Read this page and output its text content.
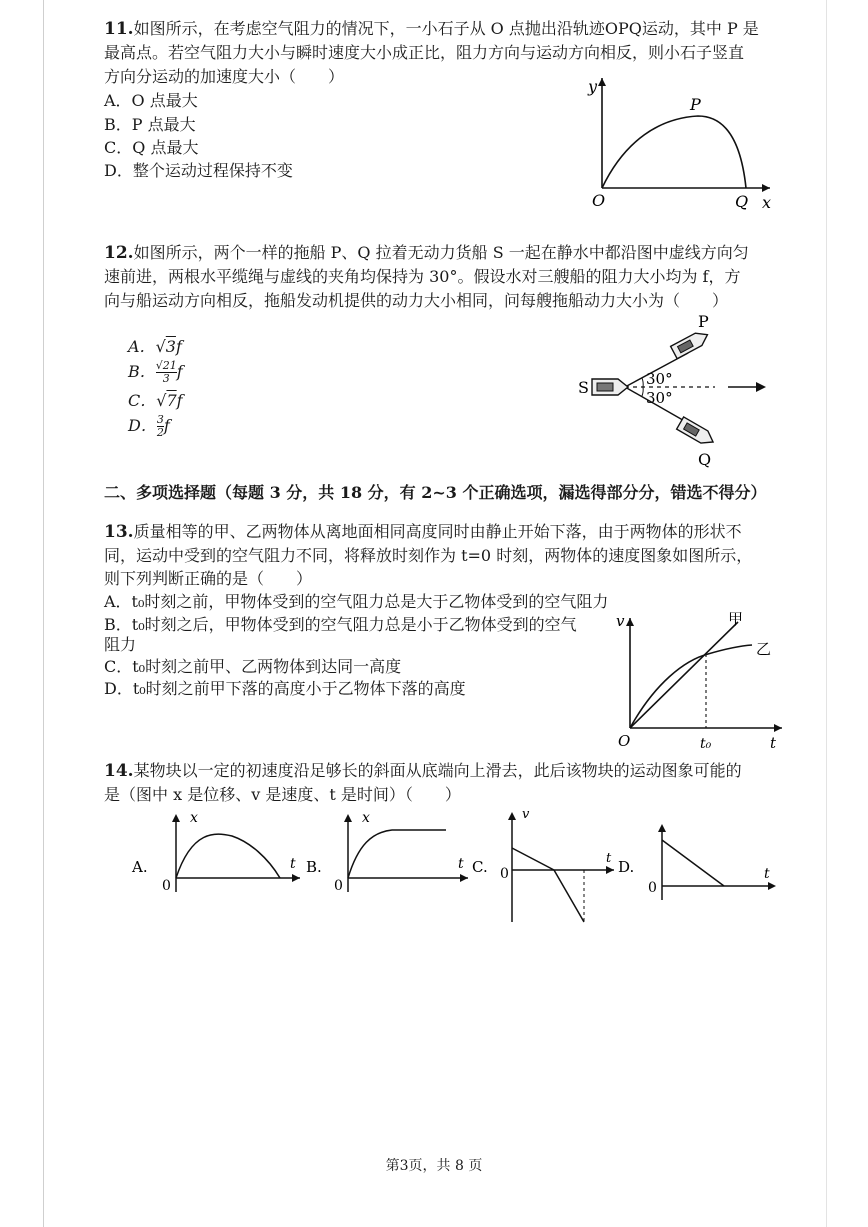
11.如图所示，在考虑空气阻力的情况下，一小石子从 O 点抛出沿轨迹OPQ运动，其中 P 是
最高点。若空气阻力大小与瞬时速度大小成正比，阻力方向与运动方向相反，则小石子竖直
方向分运动的加速度大小（　　）
A．O 点最大
B．P 点最大
C．Q 点最大
D．整个运动过程保持不变
y
P
O	Q x
12.如图所示，两个一样的拖船 P、Q 拉着无动力货船 S 一起在静水中都沿图中虚线方向匀
速前进，两根水平缆绳与虚线的夹角均保持为 30°。假设水对三艘船的阻力大小均为 f，方
向与船运动方向相反，拖船发动机提供的动力大小相同，问每艘拖船动力大小为（　　）
A．√3f
B． $\frac{√21}{3}$ f
C．√7f
D． $\frac{3}{2}$ f
P
S
Q
30°
30°
二、多项选择题（每题 3 分，共 18 分，有 2~3 个正确选项，漏选得部分分，错选不得分）
13.质量相等的甲、乙两物体从离地面相同高度同时由静止开始下落，由于两物体的形状不
同，运动中受到的空气阻力不同，将释放时刻作为 t=0 时刻，两物体的速度图象如图所示，
则下列判断正确的是（　　）
A．t₀时刻之前，甲物体受到的空气阻力总是大于乙物体受到的空气阻力
B．t₀时刻之后，甲物体受到的空气阻力总是小于乙物体受到的空气
阻力
C．t₀时刻之前甲、乙两物体到达同一高度
D．t₀时刻之前甲下落的高度小于乙物体下落的高度
v	甲
乙
O	t₀	t
14.某物块以一定的初速度沿足够长的斜面从底端向上滑去，此后该物块的运动图象可能的
是（图中 x 是位移、v 是速度、t 是时间）（　　）
A.
x
0
t B.
x
0
t C.
v
0
t D.
0
t
第3页，共 8 页
